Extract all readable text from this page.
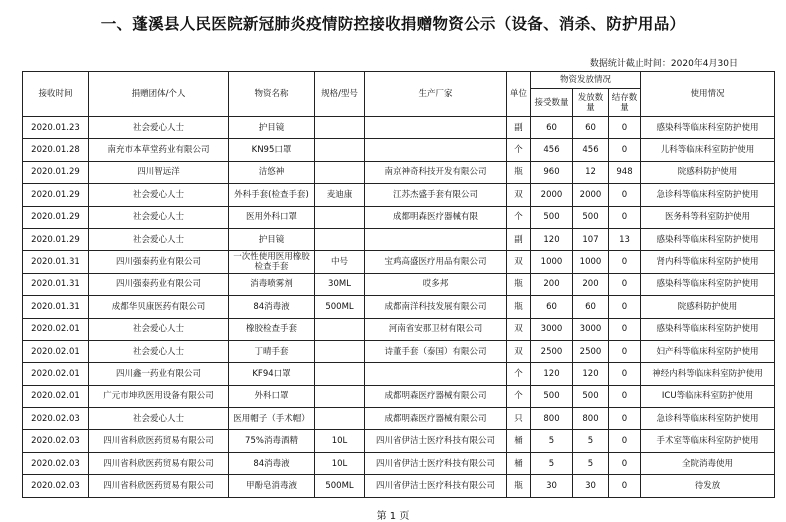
一、蓬溪县人民医院新冠肺炎疫情防控接收捐赠物资公示（设备、消杀、防护用品）
数据统计截止时间：2020年4月30日
接收时间	捐赠团体/个人	物资名称	规格/型号	生产厂家	单位	物资发放情况			使用情况
						接受数量	发放数量	结存数量	
2020.01.23	社会爱心人士	护目镜			副	60	60	0	感染科等临床科室防护使用
2020.01.28	南充市本草堂药业有限公司	KN95口罩			个	456	456	0	儿科等临床科室防护使用
2020.01.29	四川智远洋	洁悠神		南京神奇科技开发有限公司	瓶	960	12	948	院感科防护使用
2020.01.29	社会爱心人士	外科手套(检查手套)	麦迪康	江苏杰盛手套有限公司	双	2000	2000	0	急诊科等临床科室防护使用
2020.01.29	社会爱心人士	医用外科口罩		成都明森医疗器械有限	个	500	500	0	医务科等科室防护使用
2020.01.29	社会爱心人士	护目镜			副	120	107	13	感染科等临床科室防护使用
2020.01.31	四川强泰药业有限公司	一次性使用医用橡胶检查手套	中号	宝鸡高盛医疗用品有限公司	双	1000	1000	0	肾内科等临床科室防护使用
2020.01.31	四川强泰药业有限公司	消毒喷雾剂	30ML	哎多邦	瓶	200	200	0	感染科等临床科室防护使用
2020.01.31	成都华贝康医药有限公司	84消毒液	500ML	成都南洋科技发展有限公司	瓶	60	60	0	院感科防护使用
2020.02.01	社会爱心人士	橡胶检查手套		河南省安那卫材有限公司	双	3000	3000	0	感染科等临床科室防护使用
2020.02.01	社会爱心人士	丁晴手套		诗董手套（泰国）有限公司	双	2500	2500	0	妇产科等临床科室防护使用
2020.02.01	四川鑫一药业有限公司	KF94口罩			个	120	120	0	神经内科等临床科室防护使用
2020.02.01	广元市坤玖医用设备有限公司	外科口罩		成都明森医疗器械有限公司	个	500	500	0	ICU等临床科室防护使用
2020.02.03	社会爱心人士	医用帽子（手术帽）		成都明森医疗器械有限公司	只	800	800	0	急诊科等临床科室防护使用
2020.02.03	四川省科欣医药贸易有限公司	75%消毒酒精	10L	四川省伊洁士医疗科技有限公司	桶	5	5	0	手术室等临床科室防护使用
2020.02.03	四川省科欣医药贸易有限公司	84消毒液	10L	四川省伊洁士医疗科技有限公司	桶	5	5	0	全院消毒使用
2020.02.03	四川省科欣医药贸易有限公司	甲酚皂消毒液	500ML	四川省伊洁士医疗科技有限公司	瓶	30	30	0	待发放
第 1 页
